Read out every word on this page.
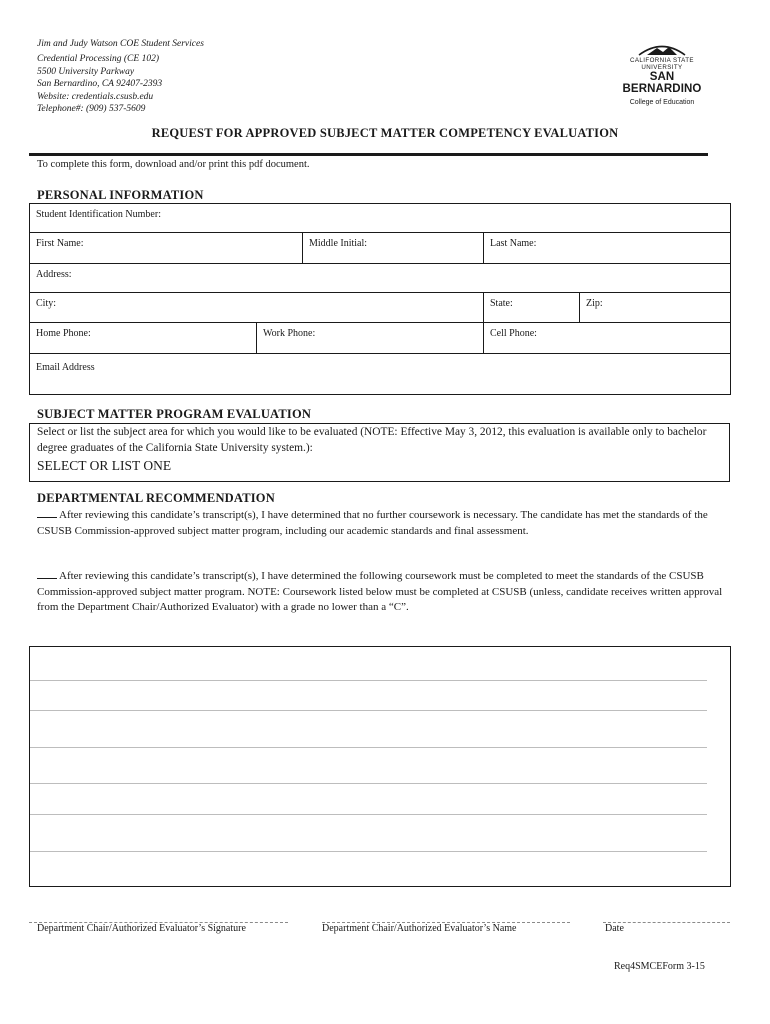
Jim and Judy Watson COE Student Services
Credential Processing (CE 102)
5500 University Parkway
San Bernardino, CA 92407-2393
Website: credentials.csusb.edu
Telephone#: (909) 537-5609
CALIFORNIA STATE UNIVERSITY
SAN BERNARDINO
College of Education
REQUEST FOR APPROVED SUBJECT MATTER COMPETENCY EVALUATION
To complete this form, download and/or print this pdf document.
PERSONAL INFORMATION
Student Identification Number:				
First Name:		Middle Initial:	Last Name:	
Address:				
City:			State:	Zip:
Home Phone:	Work Phone:		Cell Phone:	
Email Address				
SUBJECT MATTER PROGRAM EVALUATION
Select or list the subject area for which you would like to be evaluated (NOTE: Effective May 3, 2012, this evaluation is available only to bachelor degree graduates of the California State University system.):
SELECT OR LIST ONE
DEPARTMENTAL RECOMMENDATION
After reviewing this candidate’s transcript(s), I have determined that no further coursework is necessary. The candidate has met the standards of the CSUSB Commission-approved subject matter program, including our academic standards and final assessment.
After reviewing this candidate’s transcript(s), I have determined the following coursework must be completed to meet the standards of the CSUSB Commission-approved subject matter program. NOTE: Coursework listed below must be completed at CSUSB (unless, candidate receives written approval from the Department Chair/Authorized Evaluator) with a grade no lower than a “C”.
Department Chair/Authorized Evaluator’s Signature	Department Chair/Authorized Evaluator’s Name	Date
Req4SMCEForm 3-15
